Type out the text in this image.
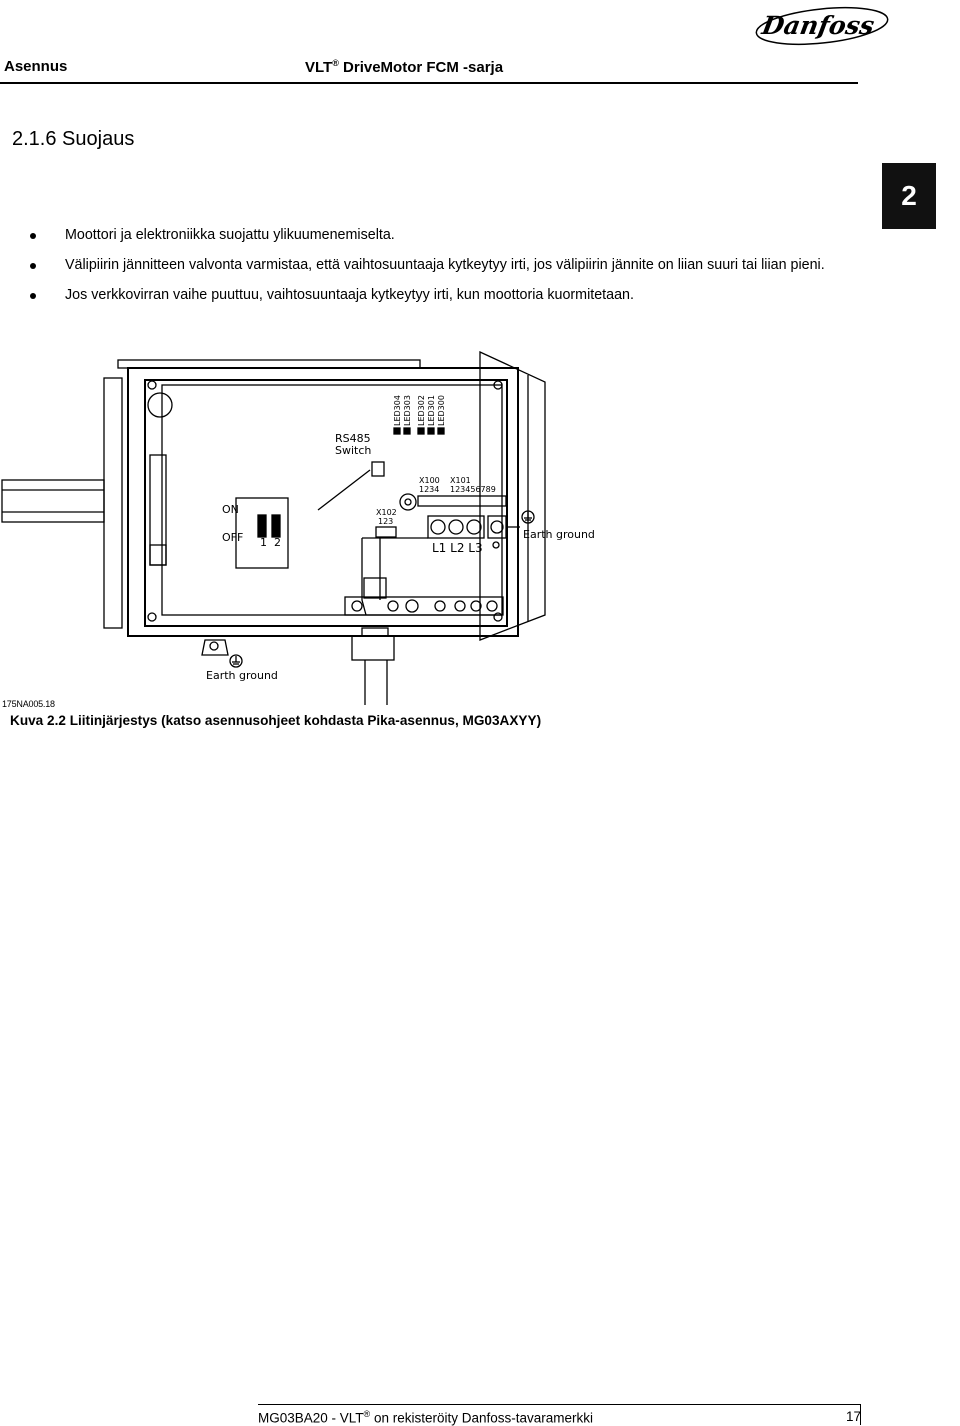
Asennus	VLT® DriveMotor FCM -sarja
Danfoss
2.1.6 Suojaus
2
Moottori ja elektroniikka suojattu ylikuumenemiselta.
Välipiirin jännitteen valvonta varmistaa, että vaihtosuuntaaja kytkeytyy irti, jos välipiirin jännite on liian suuri tai liian pieni.
Jos verkkovirran vaihe puuttuu, vaihtosuuntaaja kytkeytyy irti, kun moottoria kuormitetaan.
LED304 LED303 LED302 LED301 LED300
RS485
Switch
ON
OFF 1 2	L1 L2 L3
Earth ground
Earth ground
X100
1234
X101
123456789
X102
123
175NA005.18
Kuva 2.2 Liitinjärjestys (katso asennusohjeet kohdasta Pika-asennus, MG03AXYY)
MG03BA20 - VLT® on rekisteröity Danfoss-tavaramerkki	17
